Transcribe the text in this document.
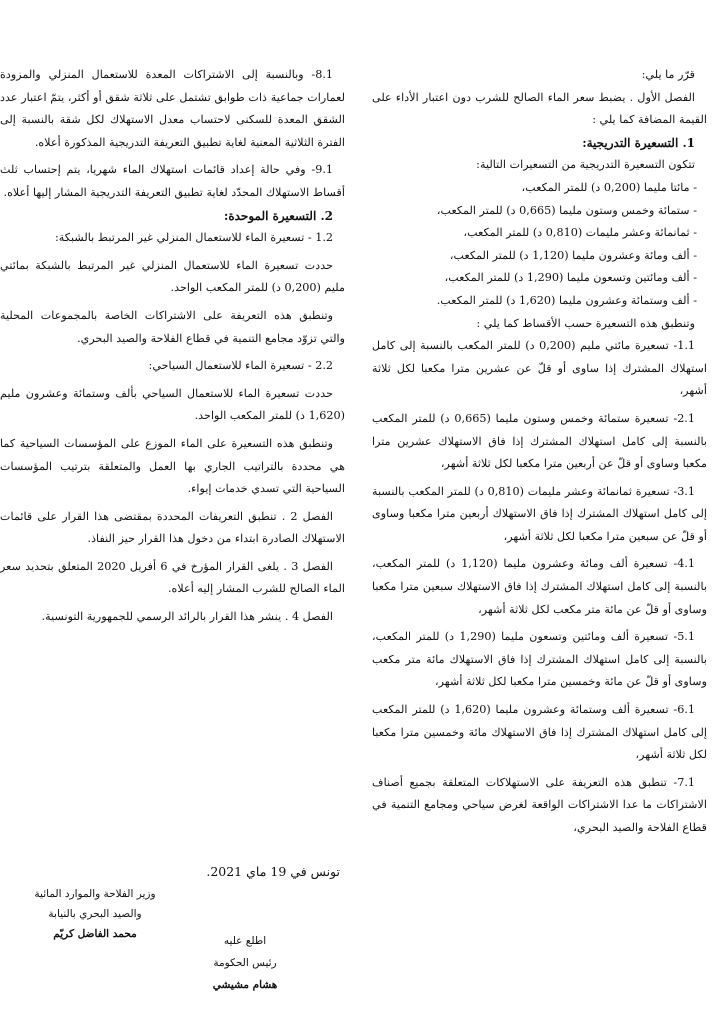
قرّر ما يلي:

الفصل الأول . يضبط سعر الماء الصالح للشرب دون اعتبار الأداء على القيمة المضافة كما يلي :

1. التسعيرة التدريجية:

تتكون التسعيرة التدريجية من التسعيرات التالية:

- مائتا مليما (0,200 د) للمتر المكعب،

- ستمائة وخمس وستون مليما (0,665 د) للمتر المكعب،

- ثمانمائة وعشر مليمات (0,810 د) للمتر المكعب،

- ألف ومائة وعشرون مليما (1,120 د) للمتر المكعب،

- ألف ومائتين وتسعون مليما (1,290 د) للمتر المكعب،

- ألف وستمائة وعشرون مليما (1,620 د) للمتر المكعب.

وتنطبق هذه التسعيرة حسب الأقساط كما يلي :

1.1- تسعيرة مائتي مليم (0,200 د) للمتر المكعب بالنسبة إلى كامل استهلاك المشترك إذا ساوى أو قلّ عن عشرين مترا مكعبا لكل ثلاثة أشهر،

2.1- تسعيرة ستمائة وخمس وستون مليما (0,665 د) للمتر المكعب بالنسبة إلى كامل استهلاك المشترك إذا فاق الاستهلاك عشرين مترا مكعبا وساوى أو قلّ عن أربعين مترا مكعبا لكل ثلاثة أشهر،

3.1- تسعيرة ثمانمائة وعشر مليمات (0,810 د) للمتر المكعب بالنسبة إلى كامل استهلاك المشترك إذا فاق الاستهلاك أربعين مترا مكعبا وساوى أو قلّ عن سبعين مترا مكعبا لكل ثلاثة أشهر،

4.1- تسعيرة ألف ومائة وعشرون مليما (1,120 د) للمتر المكعب، بالنسبة إلى كامل استهلاك المشترك إذا فاق الاستهلاك سبعين مترا مكعبا وساوى أو قلّ عن مائة متر مكعب لكل ثلاثة أشهر،

5.1- تسعيرة ألف ومائتين وتسعون مليما (1,290 د) للمتر المكعب، بالنسبة إلى كامل استهلاك المشترك إذا فاق الاستهلاك مائة متر مكعب وساوى أو قلّ عن مائة وخمسين مترا مكعبا لكل ثلاثة أشهر،

6.1- تسعيرة ألف وستمائة وعشرون مليما (1,620 د) للمتر المكعب إلى كامل استهلاك المشترك إذا فاق الاستهلاك مائة وخمسين مترا مكعبا لكل ثلاثة أشهر،

7.1- تنطبق هذه التعريفة على الاستهلاكات المتعلقة بجميع أصناف الاشتراكات ما عدا الاشتراكات الواقعة لغرض سياحي ومجامع التنمية في قطاع الفلاحة والصيد البحري،

8.1- وبالنسبة إلى الاشتراكات المعدة للاستعمال المنزلي والمزودة لعمارات جماعية ذات طوابق تشتمل على ثلاثة شقق أو أكثر، يتمّ اعتبار عدد الشقق المعدة للسكنى لاحتساب معدل الاستهلاك لكل شقة بالنسبة إلى الفترة الثلاثية المعنية لغاية تطبيق التعريفة التدريجية المذكورة أعلاه.

9.1- وفي حالة إعداد قائمات استهلاك الماء شهريا، يتم إحتساب ثلث أقساط الاستهلاك المحدّد لغاية تطبيق التعريفة التدريجية المشار إليها أعلاه.

2. التسعيرة الموحدة:

1.2 - تسعيرة الماء للاستعمال المنزلي غير المرتبط بالشبكة:

حددت تسعيرة الماء للاستعمال المنزلي غير المرتبط بالشبكة بمائتي مليم (0,200 د) للمتر المكعب الواحد.

وتنطبق هذه التعريفة على الاشتراكات الخاصة بالمجموعات المحلية والتي تزوّد مجامع التنمية في قطاع الفلاحة والصيد البحري.

2.2 - تسعيرة الماء للاستعمال السياحي:

حددت تسعيرة الماء للاستعمال السياحي بألف وستمائة وعشرون مليم (1,620 د) للمتر المكعب الواحد.

وتنطبق هذه التسعيرة على الماء الموزع على المؤسسات السياحية كما هي محددة بالتراتيب الجاري بها العمل والمتعلقة بترتيب المؤسسات السياحية التي تسدي خدمات إيواء.

الفصل 2 . تنطبق التعريفات المحددة بمقتضى هذا القرار على قائمات الاستهلاك الصادرة ابتداء من دخول هذا القرار حيز النفاذ.

الفصل 3 . يلغى القرار المؤرخ في 6 أفريل 2020 المتعلق بتحديد سعر الماء الصالح للشرب المشار إليه أعلاه.

الفصل 4 . ينشر هذا القرار بالرائد الرسمي للجمهورية التونسية.

تونس في 19 ماي 2021.
وزير الفلاحة والموارد المائية
والصيد البحري بالنيابة
محمد الفاضل كريّم
اطلع عليه
رئيس الحكومة
هشام مشيشي
